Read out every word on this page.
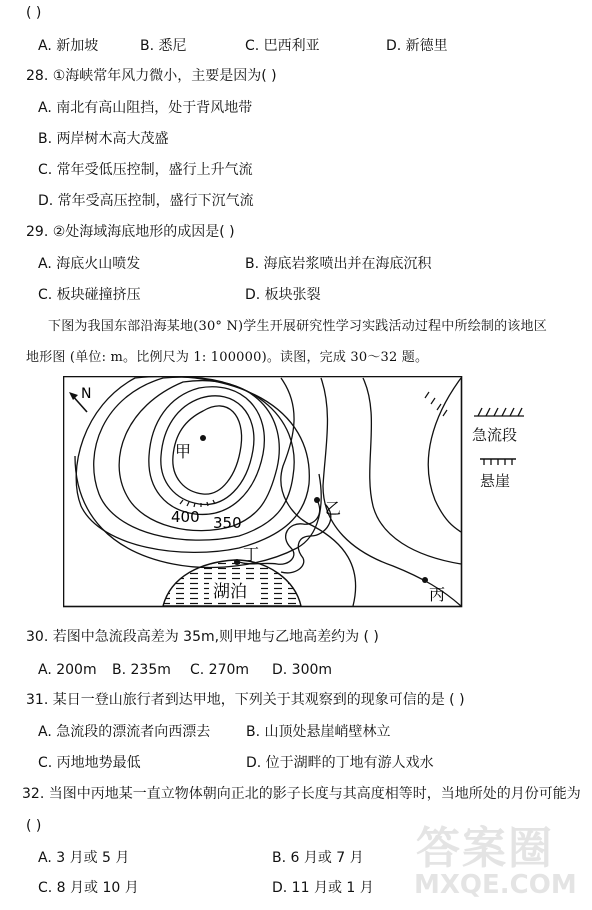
( )
A. 新加坡	B. 悉尼	C. 巴西利亚	D. 新德里
28. ①海峡常年风力微小，主要是因为( )
A. 南北有高山阻挡，处于背风地带
B. 两岸树木高大茂盛
C. 常年受低压控制，盛行上升气流
D. 常年受高压控制，盛行下沉气流
29. ②处海域海底地形的成因是( )
A. 海底火山喷发	B. 海底岩浆喷出并在海底沉积
C. 板块碰撞挤压	D. 板块张裂
下图为我国东部沿海某地(30° N)学生开展研究性学习实践活动过程中所绘制的该地区
地形图 (单位: m。比例尺为 1: 100000)。读图，完成 30～32 题。
N
甲
乙
丁
丙
湖泊
400 350
急流段
悬崖
30. 若图中急流段高差为 35m,则甲地与乙地高差约为 ( )
A. 200m B. 235m C. 270m D. 300m
31. 某日一登山旅行者到达甲地，下列关于其观察到的现象可信的是 ( )
A. 急流段的漂流者向西漂去	B. 山顶处悬崖峭壁林立
C. 丙地地势最低	D. 位于湖畔的丁地有游人戏水
32. 当图中丙地某一直立物体朝向正北的影子长度与其高度相等时，当地所处的月份可能为
( )
A. 3 月或 5 月	B. 6 月或 7 月
C. 8 月或 10 月	D. 11 月或 1 月
答案圈
MXQE.COM
